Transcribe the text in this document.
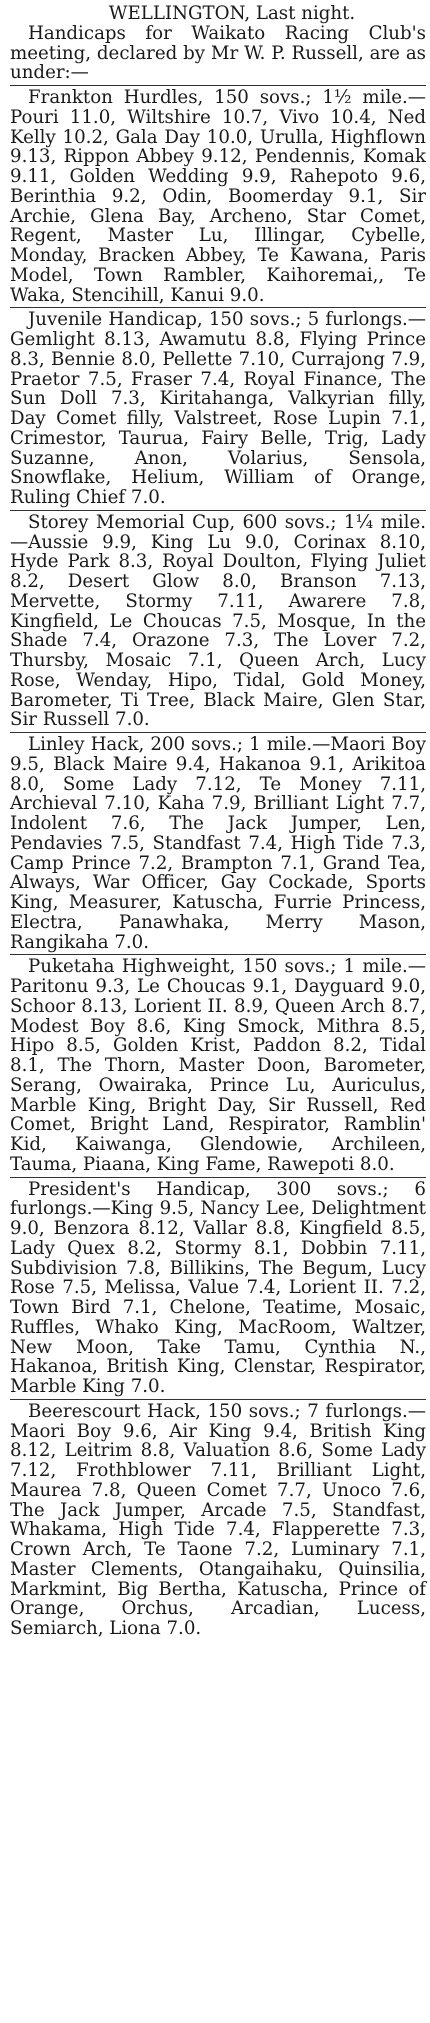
WELLINGTON, Last night.

Handicaps for Waikato Racing Club's meeting, declared by Mr W. P. Russell, are as under:—

Frankton Hurdles, 150 sovs.; 1½ mile.—Pouri 11.0, Wiltshire 10.7, Vivo 10.4, Ned Kelly 10.2, Gala Day 10.0, Urulla, Highflown 9.13, Rippon Abbey 9.12, Pendennis, Komak 9.11, Golden Wedding 9.9, Rahepoto 9.6, Berinthia 9.2, Odin, Boomerday 9.1, Sir Archie, Glena Bay, Archeno, Star Comet, Regent, Master Lu, Illingar, Cybelle, Monday, Bracken Abbey, Te Kawana, Paris Model, Town Rambler, Kaihoremai,, Te Waka, Stencihill, Kanui 9.0.

Juvenile Handicap, 150 sovs.; 5 furlongs.—Gemlight 8.13, Awamutu 8.8, Flying Prince 8.3, Bennie 8.0, Pellette 7.10, Currajong 7.9, Praetor 7.5, Fraser 7.4, Royal Finance, The Sun Doll 7.3, Kiritahanga, Valkyrian filly, Day Comet filly, Valstreet, Rose Lupin 7.1, Crimestor, Taurua, Fairy Belle, Trig, Lady Suzanne, Anon, Volarius, Sensola, Snowflake, Helium, William of Orange, Ruling Chief 7.0.

Storey Memorial Cup, 600 sovs.; 1¼ mile.—Aussie 9.9, King Lu 9.0, Corinax 8.10, Hyde Park 8.3, Royal Doulton, Flying Juliet 8.2, Desert Glow 8.0, Branson 7.13, Mervette, Stormy 7.11, Awarere 7.8, Kingfield, Le Choucas 7.5, Mosque, In the Shade 7.4, Orazone 7.3, The Lover 7.2, Thursby, Mosaic 7.1, Queen Arch, Lucy Rose, Wenday, Hipo, Tidal, Gold Money, Barometer, Ti Tree, Black Maire, Glen Star, Sir Russell 7.0.

Linley Hack, 200 sovs.; 1 mile.—Maori Boy 9.5, Black Maire 9.4, Hakanoa 9.1, Arikitoa 8.0, Some Lady 7.12, Te Money 7.11, Archieval 7.10, Kaha 7.9, Brilliant Light 7.7, Indolent 7.6, The Jack Jumper, Len, Pendavies 7.5, Standfast 7.4, High Tide 7.3, Camp Prince 7.2, Brampton 7.1, Grand Tea, Always, War Officer, Gay Cockade, Sports King, Measurer, Katuscha, Furrie Princess, Electra, Panawhaka, Merry Mason, Rangikaha 7.0.

Puketaha Highweight, 150 sovs.; 1 mile.—Paritonu 9.3, Le Choucas 9.1, Dayguard 9.0, Schoor 8.13, Lorient II. 8.9, Queen Arch 8.7, Modest Boy 8.6, King Smock, Mithra 8.5, Hipo 8.5, Golden Krist, Paddon 8.2, Tidal 8.1, The Thorn, Master Doon, Barometer, Serang, Owairaka, Prince Lu, Auriculus, Marble King, Bright Day, Sir Russell, Red Comet, Bright Land, Respirator, Ramblin' Kid, Kaiwanga, Glendowie, Archileen, Tauma, Piaana, King Fame, Rawepoti 8.0.

President's Handicap, 300 sovs.; 6 furlongs.—King 9.5, Nancy Lee, Delightment 9.0, Benzora 8.12, Vallar 8.8, Kingfield 8.5, Lady Quex 8.2, Stormy 8.1, Dobbin 7.11, Subdivision 7.8, Billikins, The Begum, Lucy Rose 7.5, Melissa, Value 7.4, Lorient II. 7.2, Town Bird 7.1, Chelone, Teatime, Mosaic, Ruffles, Whako King, MacRoom, Waltzer, New Moon, Take Tamu, Cynthia N., Hakanoa, British King, Clenstar, Respirator, Marble King 7.0.

Beerescourt Hack, 150 sovs.; 7 furlongs.—Maori Boy 9.6, Air King 9.4, British King 8.12, Leitrim 8.8, Valuation 8.6, Some Lady 7.12, Frothblower 7.11, Brilliant Light, Maurea 7.8, Queen Comet 7.7, Unoco 7.6, The Jack Jumper, Arcade 7.5, Standfast, Whakama, High Tide 7.4, Flapperette 7.3, Crown Arch, Te Taone 7.2, Luminary 7.1, Master Clements, Otangaihaku, Quinsilia, Markmint, Big Bertha, Katuscha, Prince of Orange, Orchus, Arcadian, Lucess, Semiarch, Liona 7.0.
